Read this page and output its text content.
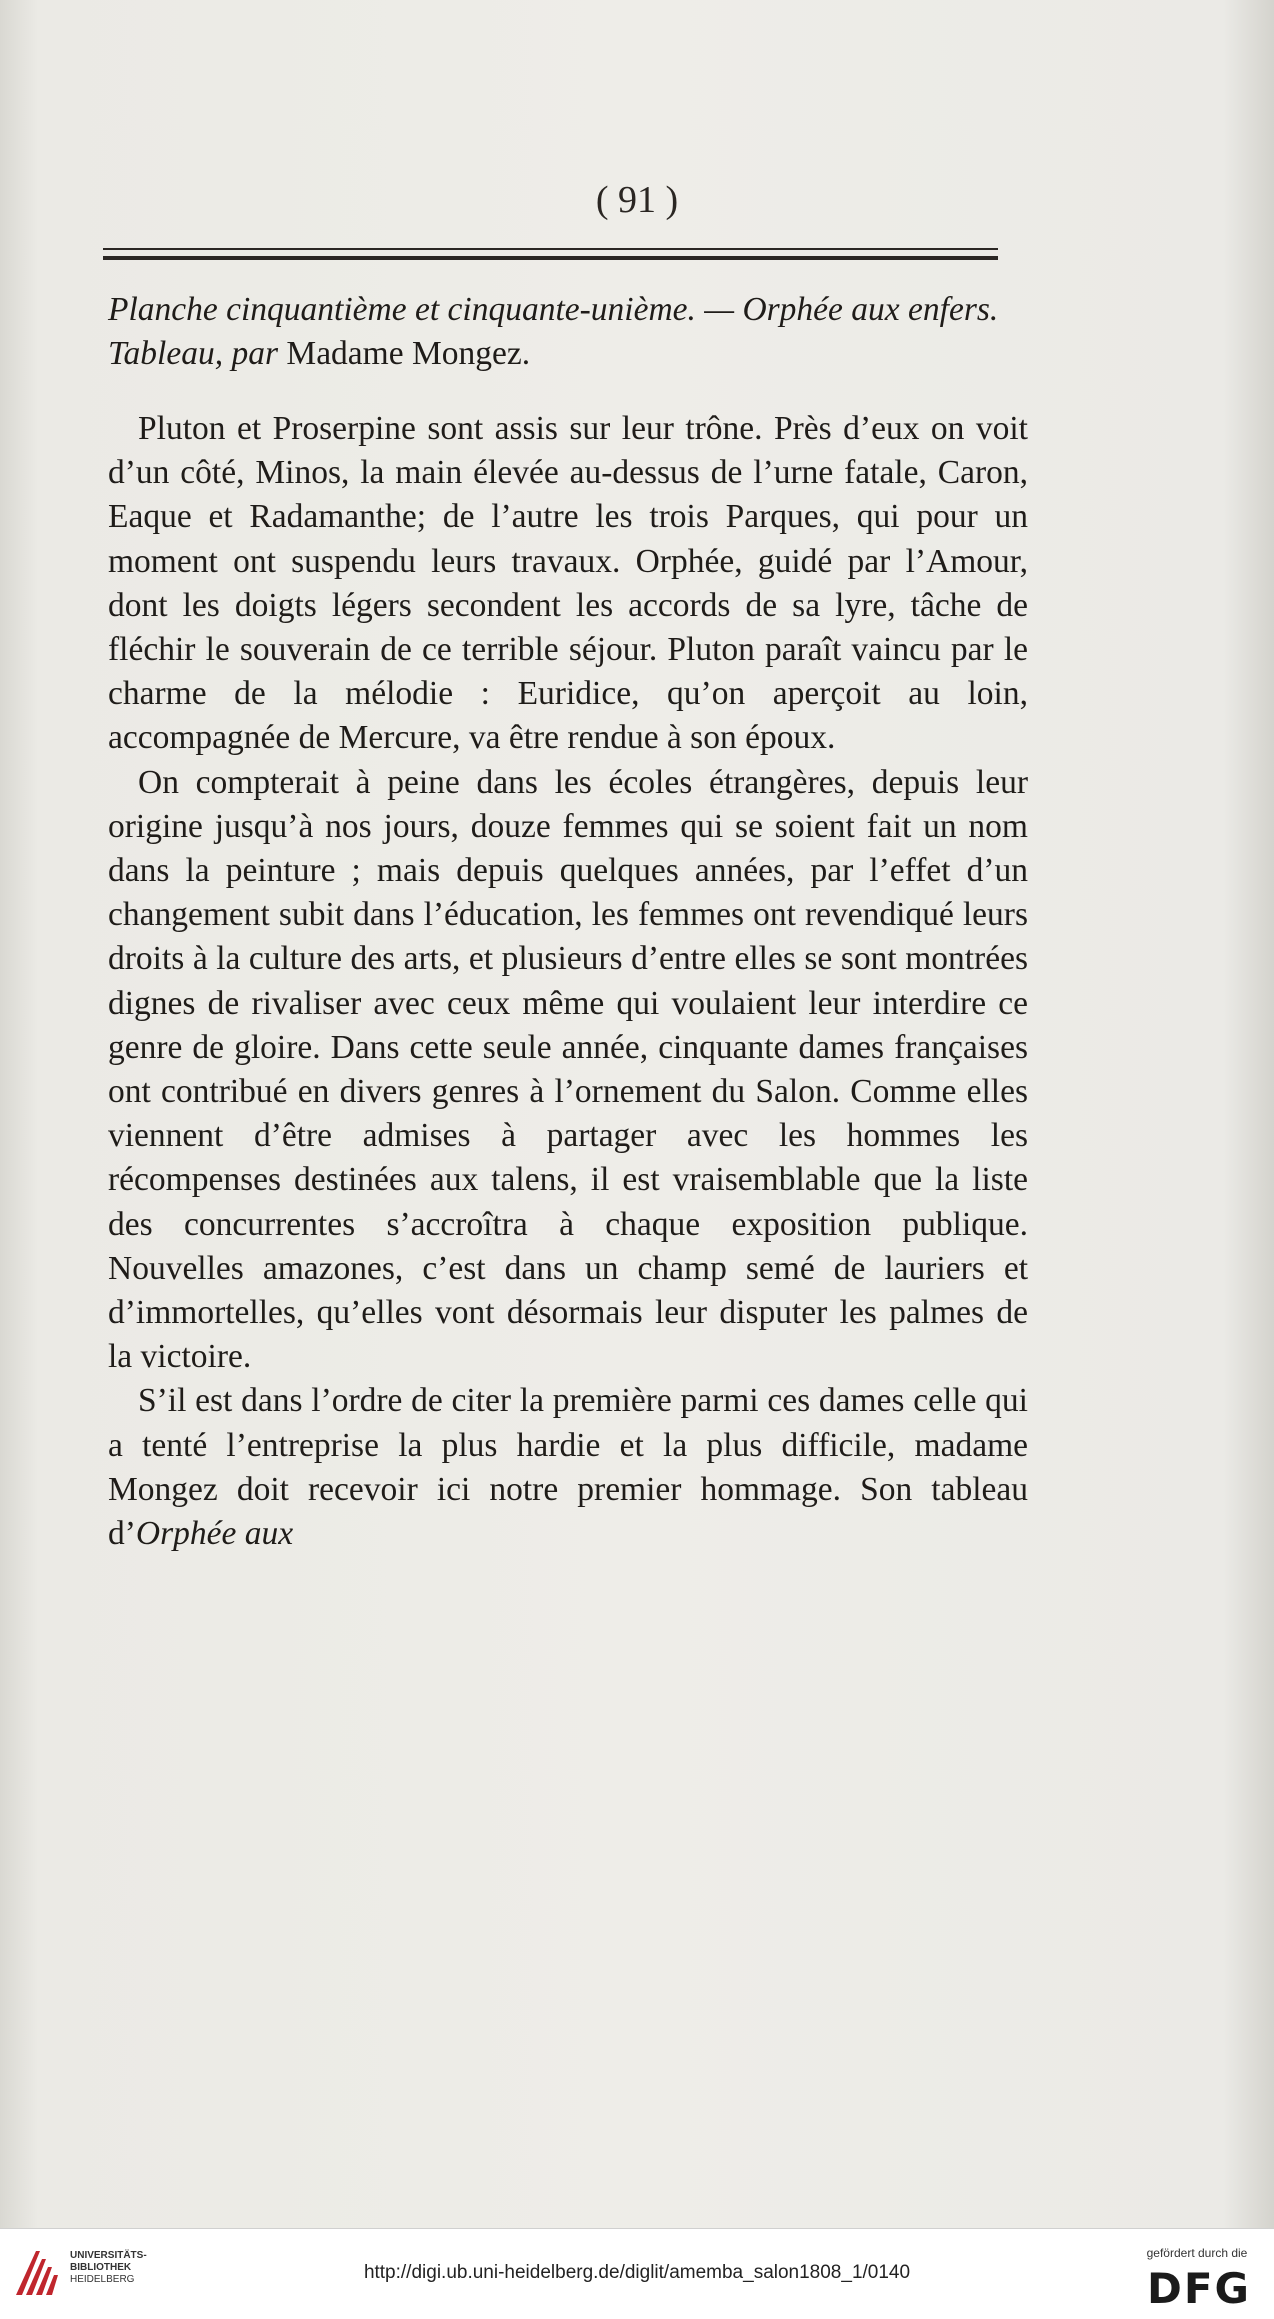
( 91 )
Planche cinquantième et cinquante-unième. — Orphée aux enfers. Tableau, par Madame Mongez.

Pluton et Proserpine sont assis sur leur trône. Près d’eux on voit d’un côté, Minos, la main élevée au-dessus de l’urne fatale, Caron, Eaque et Radamanthe; de l’autre les trois Parques, qui pour un moment ont suspendu leurs travaux. Orphée, guidé par l’Amour, dont les doigts légers secondent les accords de sa lyre, tâche de fléchir le souverain de ce terrible séjour. Pluton paraît vaincu par le charme de la mélodie : Euridice, qu’on aperçoit au loin, accompagnée de Mercure, va être rendue à son époux.

On compterait à peine dans les écoles étrangères, depuis leur origine jusqu’à nos jours, douze femmes qui se soient fait un nom dans la peinture ; mais depuis quelques années, par l’effet d’un changement subit dans l’éducation, les femmes ont revendiqué leurs droits à la culture des arts, et plusieurs d’entre elles se sont montrées dignes de rivaliser avec ceux même qui voulaient leur interdire ce genre de gloire. Dans cette seule année, cinquante dames françaises ont contribué en divers genres à l’ornement du Salon. Comme elles viennent d’être admises à partager avec les hommes les récompenses destinées aux talens, il est vraisemblable que la liste des concurrentes s’accroîtra à chaque exposition publique. Nouvelles amazones, c’est dans un champ semé de lauriers et d’immortelles, qu’elles vont désormais leur disputer les palmes de la victoire.

S’il est dans l’ordre de citer la première parmi ces dames celle qui a tenté l’entreprise la plus hardie et la plus difficile, madame Mongez doit recevoir ici notre premier hommage. Son tableau d’Orphée aux

UNIVERSITÄTS-
BIBLIOTHEK
HEIDELBERG	http://digi.ub.uni-heidelberg.de/diglit/amemba_salon1808_1/0140
gefördert durch die
DFG
